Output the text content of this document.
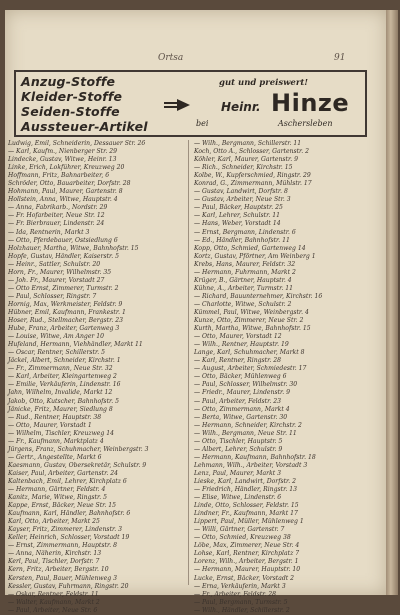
Ortsa	91
Anzug-Stoffe
Kleider-Stoffe
Seiden-Stoffe
Aussteuer-Artikel
gut und preiswert!
Heinr. Hinze
bei	Aschersleben
Ludwig, Emil, Schneiderin, Dessauer Str. 26
— Karl, Kaufm., Nienberger Str. 29
Lindecke, Gustav, Witwe, Heinr. 13
Linke, Erich, Lokführer, Kreuzweg 20
Hoffmann, Fritz, Bahnarbeiter, 6
Schröder, Otto, Bauarbeiter, Dorfstr. 28
Hohmann, Paul, Maurer, Gartenstr. 8
Hollstein, Anna, Witwe, Hauptstr. 4
— Anna, Fabrikarb., Nordstr. 29
— Fr. Hofarbeiter, Neue Str. 12
— Fr. Bierbrauer, Lindenstr. 24
— Ida, Rentnerin, Markt 3
— Otto, Pferdebauer, Ostsiedlung 6
Holzhauer, Martha, Witwe, Bahnhofstr. 15
Hopfe, Gustav, Händler, Kaiserstr. 5
— Heinr., Sattler, Schulstr. 20
Horn, Fr., Maurer, Wilhelmstr. 35
— Joh. Fr., Maurer, Vorstadt 27
— Otto Ernst, Zimmerer, Turmstr. 2
— Paul, Schlosser, Ringstr. 7
Hornig, Max, Werkmeister, Feldstr. 9
Hübner, Emil, Kaufmann, Frankestr. 1
Hoser, Rud., Stellmacher, Bergstr. 23
Hube, Franz, Arbeiter, Gartenweg 3
— Louise, Witwe, Am Anger 10
Hufeland, Hermann, Viehhändler, Markt 11
— Oscar, Rentner, Schillerstr. 5
Jäckel, Albert, Schneider, Kirchstr. 1
— Fr., Zimmermann, Neue Str. 32
— Karl, Arbeiter, Kleingartenweg 2
— Emilie, Verkäuferin, Lindenstr. 16
Jahn, Wilhelm, Invalide, Markt 12
Jakob, Otto, Kutscher, Bahnhofstr. 5
Jänicke, Fritz, Maurer, Siedlung 8
— Rud., Rentner, Hauptstr. 38
— Otto, Maurer, Vorstadt 1
— Wilhelm, Tischler, Kreuzweg 14
— Fr., Kaufmann, Marktplatz 4
Jürgens, Franz, Schuhmacher, Weinbergstr. 3
— Gertr., Angestellte, Markt 6
Kaesmann, Gustav, Obersekretär, Schulstr. 9
Kaiser, Paul, Arbeiter, Gartenstr. 24
Kaltenbach, Emil, Lehrer, Kirchplatz 6
— Hermann, Gärtner, Feldstr. 4
Kanitz, Marie, Witwe, Ringstr. 5
Kappe, Ernst, Bäcker, Neue Str. 15
Kaufmann, Karl, Händler, Bahnhofstr. 6
Karl, Otto, Arbeiter, Markt 25
Kayser, Fritz, Zimmerer, Lindenstr. 3
Keller, Heinrich, Schlosser, Vorstadt 19
— Ernst, Zimmermann, Hauptstr. 8
— Anna, Näherin, Kirchstr. 13
Kerl, Paul, Tischler, Dorfstr. 7
Kern, Fritz, Arbeiter, Bergstr. 10
Kersten, Paul, Bauer, Mühlenweg 3
Kessler, Gustav, Fuhrmann, Ringstr. 20
— Oskar, Rentner, Feldstr. 11
— Walter, Kaufmann, Markt 2
— Paul, Arbeiter, Neue Str. 6
— Wilh., Bergmann, Schillerstr. 11
Koch, Otto A., Schlosser, Gartenstr. 2
Köhler, Karl, Maurer, Gartenstr. 9
— Rich., Schneider, Kirchstr. 15
Kolbe, W., Kupferschmied, Ringstr. 29
Konrad, G., Zimmermann, Mühlstr. 17
— Gustav, Landwirt, Dorfstr. 8
— Gustav, Arbeiter, Neue Str. 3
— Paul, Bäcker, Hauptstr. 25
— Karl, Lehrer, Schulstr. 11
— Hans, Weber, Vorstadt 14
— Ernst, Bergmann, Lindenstr. 6
— Ed., Händler, Bahnhofstr. 11
Kopp, Otto, Schmied, Gartenweg 14
Kortz, Gustav, Pförtner, Am Weinberg 1
Krebs, Hans, Maurer, Feldstr. 32
— Hermann, Fuhrmann, Markt 2
Krüger, B., Gärtner, Hauptstr. 4
Kühne, A., Arbeiter, Turmstr. 11
— Richard, Bauunternehmer, Kirchstr. 16
— Charlotte, Witwe, Schulstr. 2
Kümmel, Paul, Witwe, Weinbergstr. 4
Kunze, Otto, Zimmerer, Neue Str. 2
Kurth, Martha, Witwe, Bahnhofstr. 15
— Otto, Maurer, Vorstadt 12
— Wilh., Rentner, Hauptstr. 19
Lange, Karl, Schuhmacher, Markt 8
— Karl, Rentner, Ringstr. 28
— August, Arbeiter, Schmiedestr. 17
— Otto, Bäcker, Mühlenweg 6
— Paul, Schlosser, Wilhelmstr. 30
— Friedr., Maurer, Lindenstr. 9
— Paul, Arbeiter, Feldstr. 23
— Otto, Zimmermann, Markt 4
— Berta, Witwe, Gartenstr. 30
— Hermann, Schneider, Kirchstr. 2
— Wilh., Bergmann, Neue Str. 11
— Otto, Tischler, Hauptstr. 5
— Albert, Lehrer, Schulstr. 9
— Hermann, Kaufmann, Bahnhofstr. 18
Lehmann, Wilh., Arbeiter, Vorstadt 3
Lenz, Paul, Maurer, Markt 3
Lieske, Karl, Landwirt, Dorfstr. 2
— Friedrich, Händler, Ringstr. 13
— Elise, Witwe, Lindenstr. 6
Linde, Otto, Schlosser, Feldstr. 15
Lindner, Fr., Kaufmann, Markt 17
Lippert, Paul, Müller, Mühlenweg 1
— Willi, Gärtner, Gartenstr. 7
— Otto, Schmied, Kreuzweg 38
Löbe, Max, Zimmerer, Neue Str. 4
Lohse, Karl, Rentner, Kirchplatz 7
Lorenz, Wilh., Arbeiter, Bergstr. 1
— Hermann, Maurer, Hauptstr. 10
Lucke, Ernst, Bäcker, Vorstadt 2
— Erna, Verkäuferin, Markt 3
— Fr., Arbeiter, Feldstr. 28
— Paul, Bergmann, Turmstr. 5
— Wilh., Händler, Schillerstr. 2
